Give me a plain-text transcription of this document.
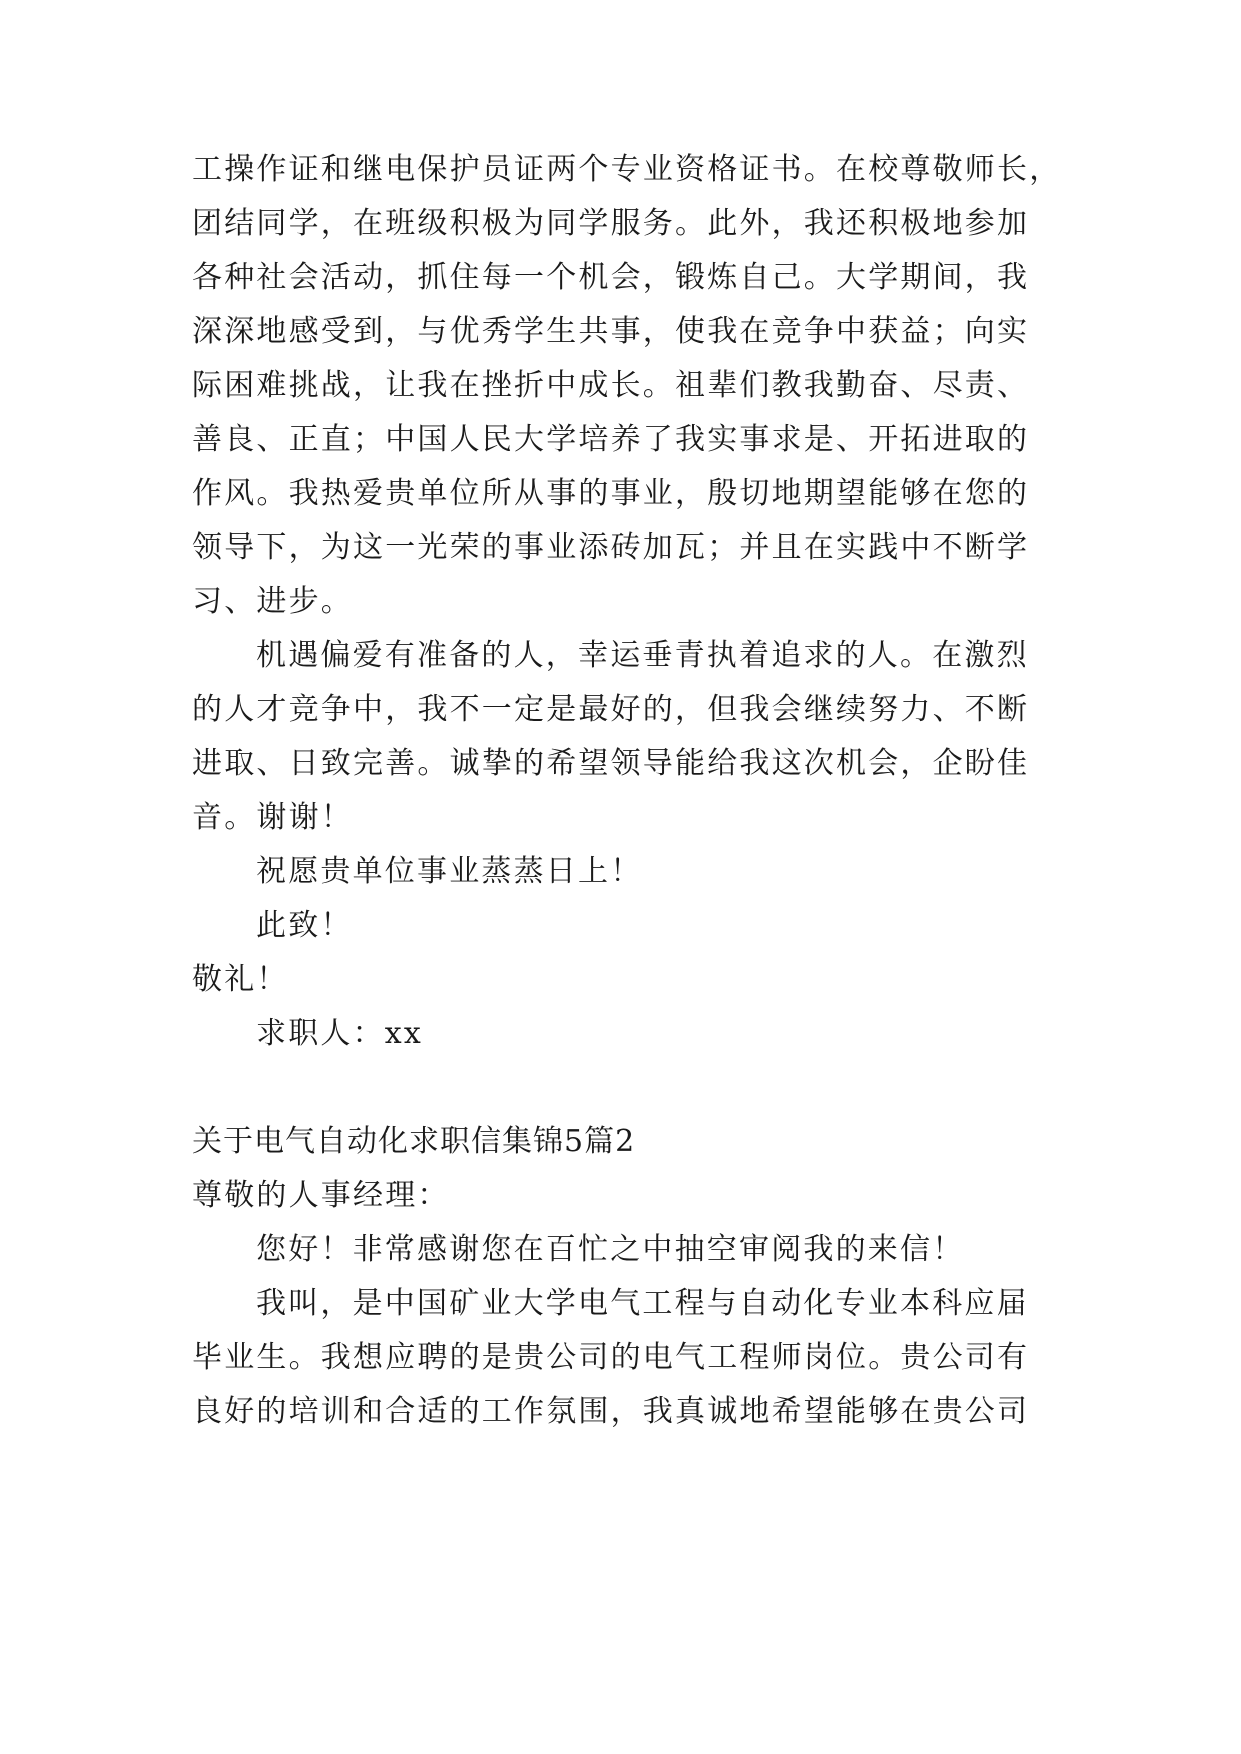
工操作证和继电保护员证两个专业资格证书。在校尊敬师长，
团结同学，在班级积极为同学服务。此外，我还积极地参加
各种社会活动，抓住每一个机会，锻炼自己。大学期间，我
深深地感受到，与优秀学生共事，使我在竞争中获益；向实
际困难挑战，让我在挫折中成长。祖辈们教我勤奋、尽责、
善良、正直；中国人民大学培养了我实事求是、开拓进取的
作风。我热爱贵单位所从事的事业，殷切地期望能够在您的
领导下，为这一光荣的事业添砖加瓦；并且在实践中不断学
习、进步。
机遇偏爱有准备的人，幸运垂青执着追求的人。在激烈
的人才竞争中，我不一定是最好的，但我会继续努力、不断
进取、日致完善。诚挚的希望领导能给我这次机会，企盼佳
音。谢谢！
祝愿贵单位事业蒸蒸日上！
此致！
敬礼！
求职人：xx
关于电气自动化求职信集锦5篇2
尊敬的人事经理：
您好！非常感谢您在百忙之中抽空审阅我的来信！
我叫，是中国矿业大学电气工程与自动化专业本科应届
毕业生。我想应聘的是贵公司的电气工程师岗位。贵公司有
良好的培训和合适的工作氛围，我真诚地希望能够在贵公司
